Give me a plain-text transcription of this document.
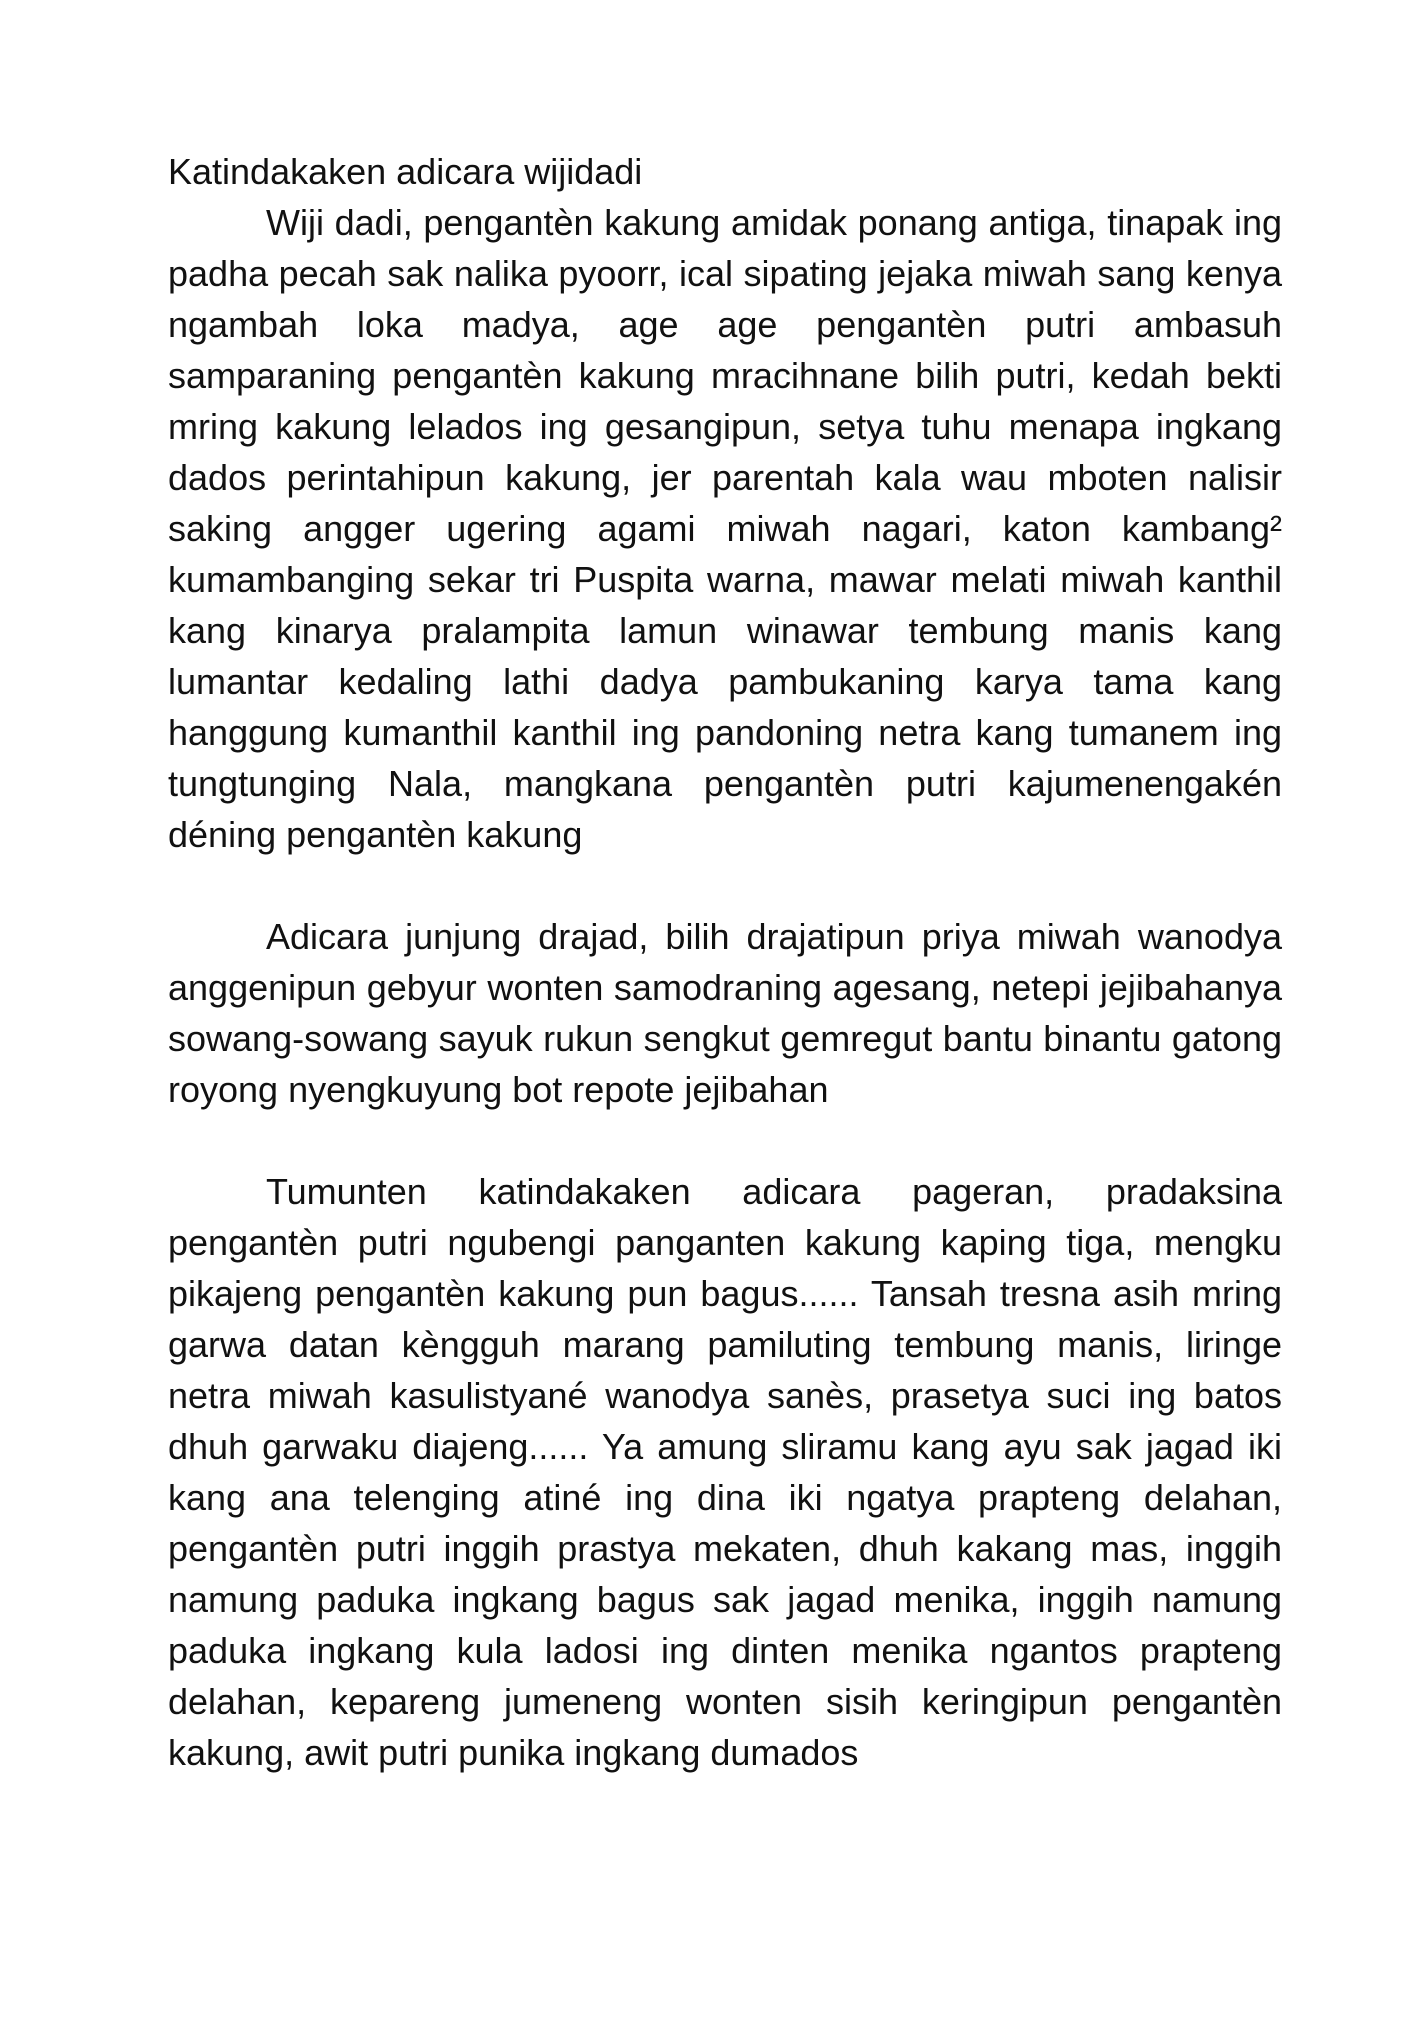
Katindakaken adicara wijidadi

Wiji dadi, pengantèn kakung amidak ponang antiga, tinapak ing padha pecah sak nalika pyoorr, ical sipating jejaka miwah sang kenya ngambah loka madya, age age pengantèn putri ambasuh samparaning pengantèn kakung mracihnane bilih putri, kedah bekti mring kakung lelados ing gesangipun, setya tuhu menapa ingkang dados perintahipun kakung, jer parentah kala wau mboten nalisir saking angger ugering agami miwah nagari, katon kambang² kumambanging sekar tri Puspita warna, mawar melati miwah kanthil kang kinarya pralampita lamun winawar tembung manis kang lumantar kedaling lathi dadya pambukaning karya tama kang hanggung kumanthil kanthil ing pandoning netra kang tumanem ing tungtunging Nala, mangkana pengantèn putri kajumenengakén déning pengantèn kakung

Adicara junjung drajad, bilih drajatipun priya miwah wanodya anggenipun gebyur wonten samodraning agesang, netepi jejibahanya sowang-sowang sayuk rukun sengkut gemregut bantu binantu gatong royong nyengkuyung bot repote jejibahan

Tumunten katindakaken adicara pageran, pradaksina pengantèn putri ngubengi panganten kakung kaping tiga, mengku pikajeng pengantèn kakung pun bagus...... Tansah tresna asih mring garwa datan kèngguh marang pamiluting tembung manis, liringe netra miwah kasulistyané wanodya sanès, prasetya suci ing batos dhuh garwaku diajeng...... Ya amung sliramu kang ayu sak jagad iki kang ana telenging atiné ing dina iki ngatya prapteng delahan, pengantèn putri inggih prastya mekaten, dhuh kakang mas, inggih namung paduka ingkang bagus sak jagad menika, inggih namung paduka ingkang kula ladosi ing dinten menika ngantos prapteng delahan, kepareng jumeneng wonten sisih keringipun pengantèn kakung, awit putri punika ingkang dumados
